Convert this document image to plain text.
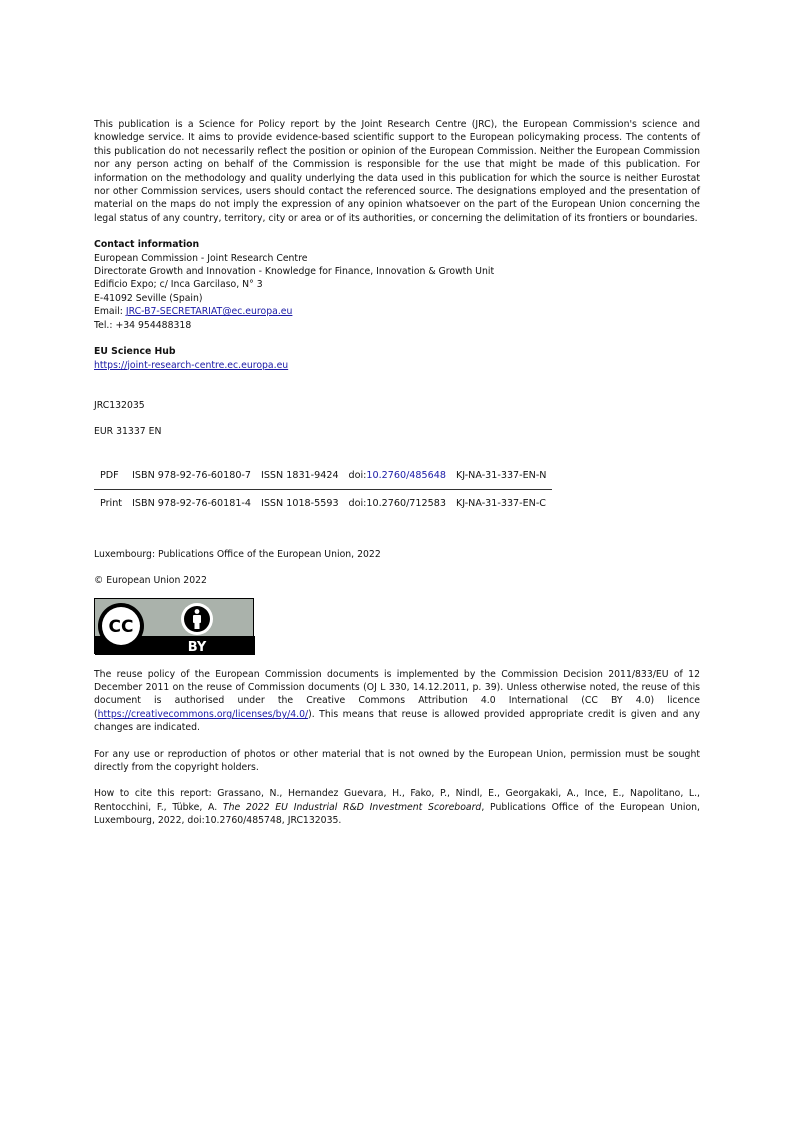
This publication is a Science for Policy report by the Joint Research Centre (JRC), the European Commission's science and knowledge service. It aims to provide evidence-based scientific support to the European policymaking process. The contents of this publication do not necessarily reflect the position or opinion of the European Commission. Neither the European Commission nor any person acting on behalf of the Commission is responsible for the use that might be made of this publication. For information on the methodology and quality underlying the data used in this publication for which the source is neither Eurostat nor other Commission services, users should contact the referenced source. The designations employed and the presentation of material on the maps do not imply the expression of any opinion whatsoever on the part of the European Union concerning the legal status of any country, territory, city or area or of its authorities, or concerning the delimitation of its frontiers or boundaries.

Contact information
European Commission - Joint Research Centre
Directorate Growth and Innovation - Knowledge for Finance, Innovation & Growth Unit
Edificio Expo; c/ Inca Garcilaso, N° 3
E-41092 Seville (Spain)
Email: JRC-B7-SECRETARIAT@ec.europa.eu
Tel.: +34 954488318
EU Science Hub
https://joint-research-centre.ec.europa.eu
JRC132035
EUR 31337 EN
PDF	ISBN 978-92-76-60180-7	ISSN 1831-9424	doi:10.2760/485648	KJ-NA-31-337-EN-N
Print	ISBN 978-92-76-60181-4	ISSN 1018-5593	doi:10.2760/712583	KJ-NA-31-337-EN-C
Luxembourg: Publications Office of the European Union, 2022
© European Union 2022
CC
BY

The reuse policy of the European Commission documents is implemented by the Commission Decision 2011/833/EU of 12 December 2011 on the reuse of Commission documents (OJ L 330, 14.12.2011, p. 39). Unless otherwise noted, the reuse of this document is authorised under the Creative Commons Attribution 4.0 International (CC BY 4.0) licence (https://creativecommons.org/licenses/by/4.0/). This means that reuse is allowed provided appropriate credit is given and any changes are indicated.

For any use or reproduction of photos or other material that is not owned by the European Union, permission must be sought directly from the copyright holders.

How to cite this report: Grassano, N., Hernandez Guevara, H., Fako, P., Nindl, E., Georgakaki, A., Ince, E., Napolitano, L., Rentocchini, F., Tübke, A. The 2022 EU Industrial R&D Investment Scoreboard, Publications Office of the European Union, Luxembourg, 2022, doi:10.2760/485748, JRC132035.
